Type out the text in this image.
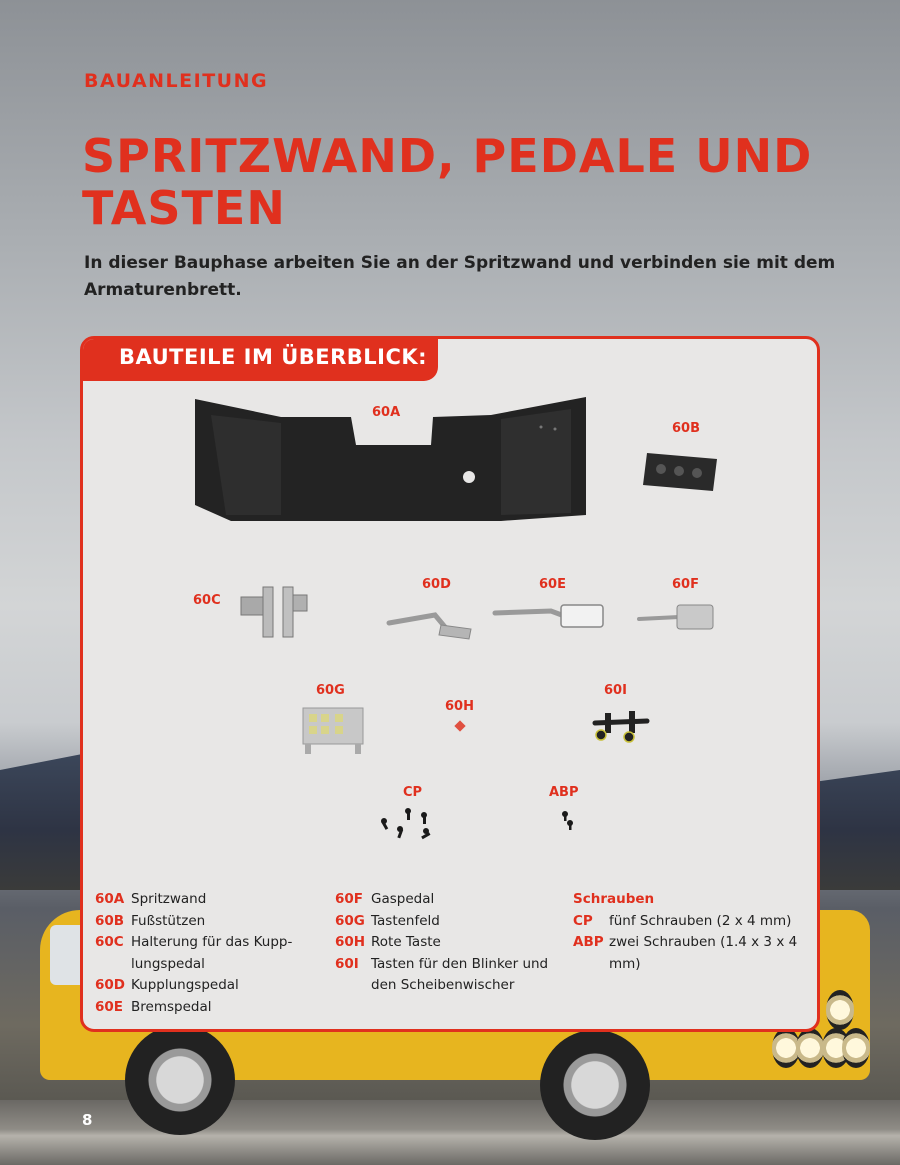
BAUANLEITUNG
SPRITZWAND, PEDALE UND TASTEN
In dieser Bauphase arbeiten Sie an der Spritzwand und verbinden sie mit dem Armaturenbrett.
BAUTEILE IM ÜBERBLICK:
60A
60B
60C
60D	60E	60F
60G
60H
60I
CP	ABP
60A Spritzwand
60B Fußstützen
60C Halterung für das Kupp-lungspedal
60D Kupplungspedal
60E Bremspedal
60F Gaspedal
60G Tastenfeld
60H Rote Taste
60I Tasten für den Blinker und den Scheibenwischer
Schrauben
CP	fünf Schrauben (2 x 4 mm)
ABP zwei Schrauben (1.4 x 3 x 4 mm)
8
